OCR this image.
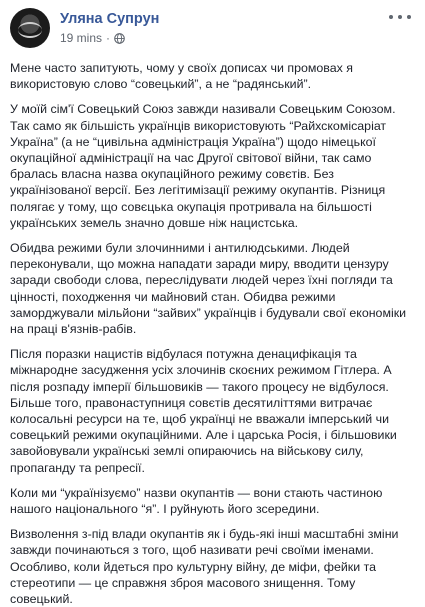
Уляна Супрун
19 mins ·

Мене часто запитують, чому у своїх дописах чи промовах я використовую слово “совецький”, а не “радянський”.

У моїй сім'ї Совецький Союз завжди називали Совецьким Союзом. Так само як більшість українців використовують “Райхскомісаріат Україна” (а не “цивільна адміністрація Україна”) щодо німецької окупаційної адміністрації на час Другої світової війни, так само бралась власна назва окупаційного режиму совєтів. Без українізованої версії. Без легітимізації режиму окупантів. Різниця полягає у тому, що совєцька окупація протривала на більшості українських земель значно довше ніж нацистська.

Обидва режими були злочинними і антилюдськими. Людей переконували, що можна нападати заради миру, вводити цензуру заради свободи слова, переслідувати людей через їхні погляди та цінності, походження чи майновий стан. Обидва режими заморджували мільйони “зайвих” українців і будували свої економіки на праці в'язнів-рабів.

Після поразки нацистів відбулася потужна денацифікація та міжнародне засудження усіх злочинів скоєних режимом Гітлера. А після розпаду імперії більшовиків — такого процесу не відбулося. Більше того, правонаступниця совєтів десятиліттями витрачає колосальні ресурси на те, щоб українці не вважали імперський чи совецький режими окупаційними. Але і царська Росія, і більшовики завойовували українські землі опираючись на військову силу, пропаганду та репресії.

Коли ми “українізуємо” назви окупантів — вони стають частиною нашого національного “я”. І руйнують його зсередини.

Визволення з-під влади окупантів як і будь-які інші масштабні зміни завжди починаються з того, щоб називати речі своїми іменами. Особливо, коли йдеться про культурну війну, де міфи, фейки та стереотипи — це справжня зброя масового знищення. Тому совецький.
